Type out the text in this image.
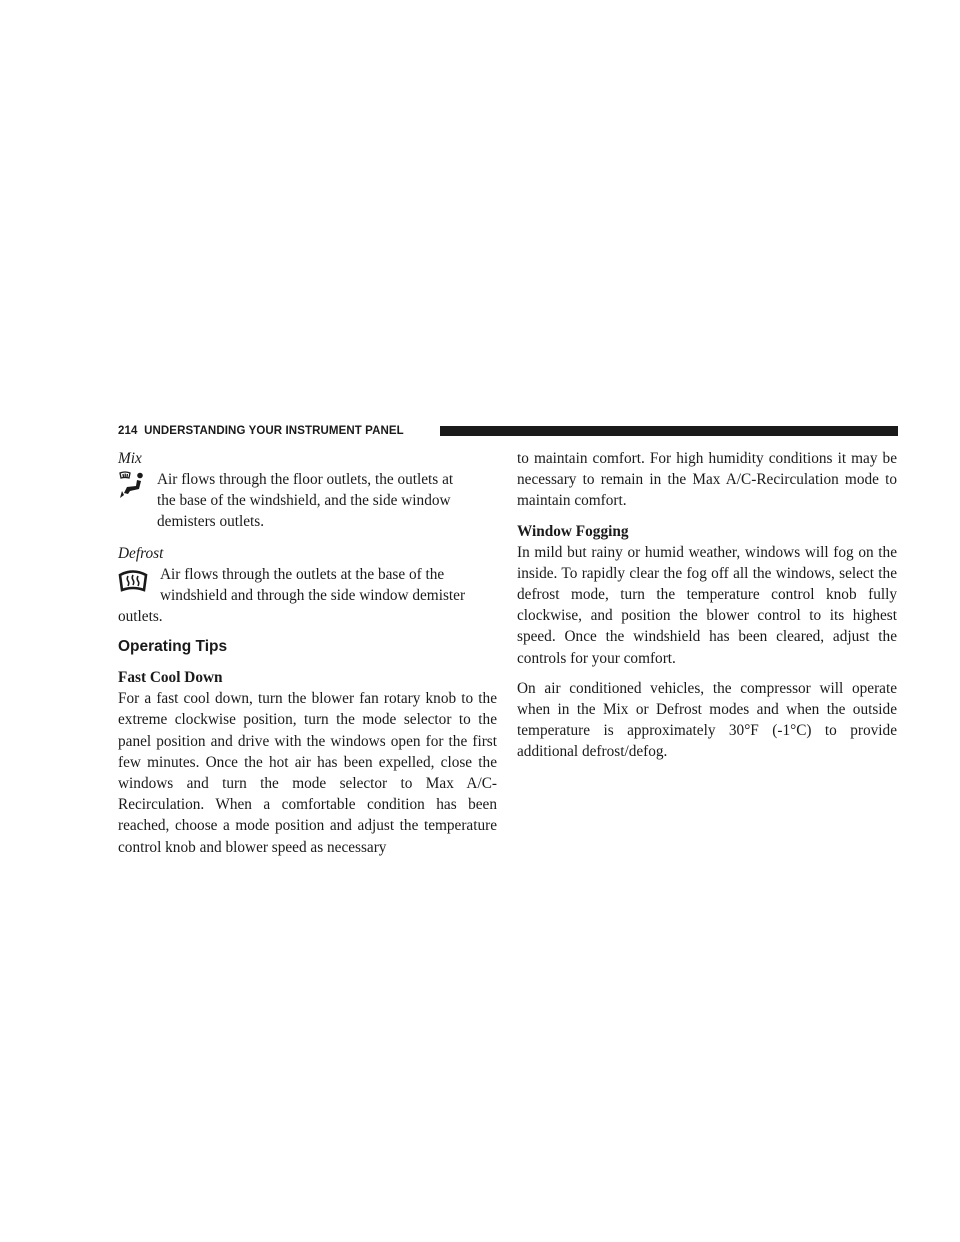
214 UNDERSTANDING YOUR INSTRUMENT PANEL
Mix
Air flows through the floor outlets, the outlets at
the base of the windshield, and the side window
demisters outlets.
Defrost
Air flows through the outlets at the base of the
windshield and through the side window demister
outlets.
Operating Tips
Fast Cool Down

For a fast cool down, turn the blower fan rotary knob to the extreme clockwise position, turn the mode selector to the panel position and drive with the windows open for the first few minutes. Once the hot air has been expelled, close the windows and turn the mode selector to Max A/C-Recirculation. When a comfortable condition has been reached, choose a mode position and adjust the temperature control knob and blower speed as necessary

to maintain comfort. For high humidity conditions it may be necessary to remain in the Max A/C-Recirculation mode to maintain comfort.

Window Fogging

In mild but rainy or humid weather, windows will fog on the inside. To rapidly clear the fog off all the windows, select the defrost mode, turn the temperature control knob fully clockwise, and position the blower control to its highest speed. Once the windshield has been cleared, adjust the controls for your comfort.

On air conditioned vehicles, the compressor will operate when in the Mix or Defrost modes and when the outside temperature is approximately 30°F (-1°C) to provide additional defrost/defog.
